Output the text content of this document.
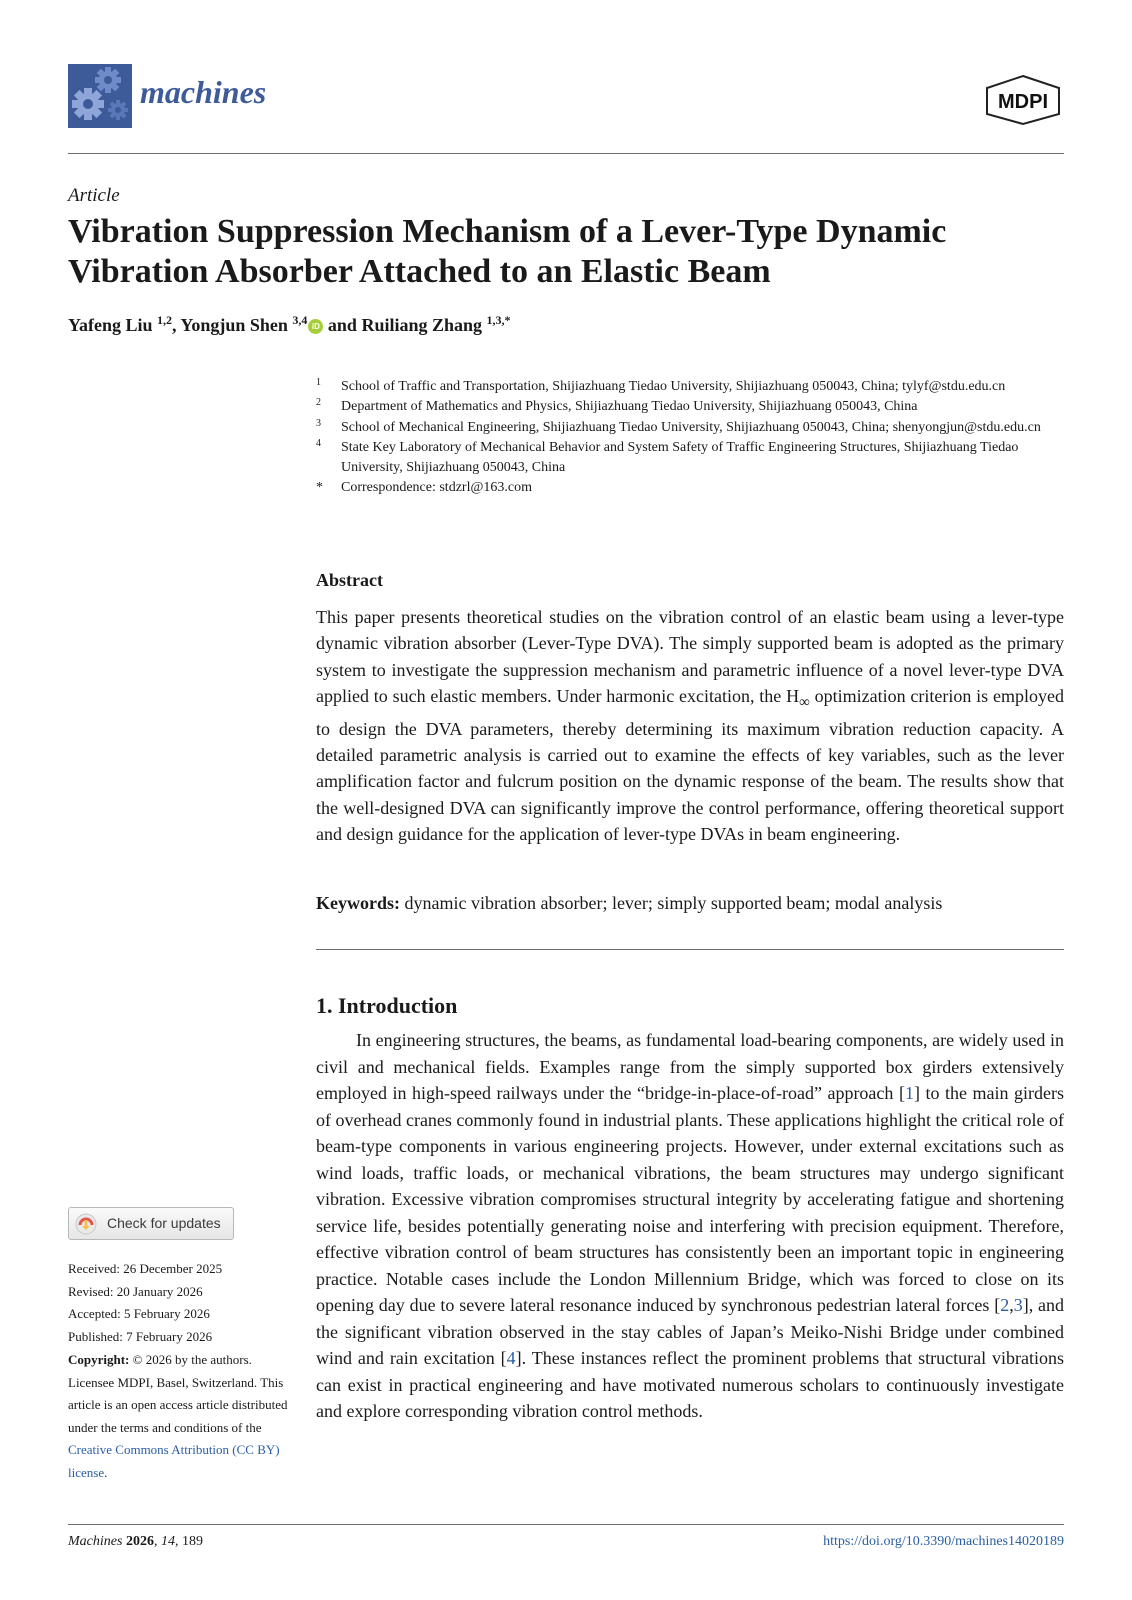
machines	MDPI
Article
Vibration Suppression Mechanism of a Lever-Type Dynamic Vibration Absorber Attached to an Elastic Beam
Yafeng Liu $^{1,2}$, Yongjun Shen $^{3,4}$ iD and Ruiliang Zhang $^{1,3,*}$
1 School of Traffic and Transportation, Shijiazhuang Tiedao University, Shijiazhuang 050043, China; tylyf@stdu.edu.cn
2 Department of Mathematics and Physics, Shijiazhuang Tiedao University, Shijiazhuang 050043, China
3 School of Mechanical Engineering, Shijiazhuang Tiedao University, Shijiazhuang 050043, China; shenyongjun@stdu.edu.cn
4 State Key Laboratory of Mechanical Behavior and System Safety of Traffic Engineering Structures, Shijiazhuang Tiedao University, Shijiazhuang 050043, China
* Correspondence: stdzrl@163.com
Abstract

This paper presents theoretical studies on the vibration control of an elastic beam using a lever-type dynamic vibration absorber (Lever-Type DVA). The simply supported beam is adopted as the primary system to investigate the suppression mechanism and parametric influence of a novel lever-type DVA applied to such elastic members. Under harmonic excitation, the $H_\infty$ optimization criterion is employed to design the DVA parameters, thereby determining its maximum vibration reduction capacity. A detailed parametric analysis is carried out to examine the effects of key variables, such as the lever amplification factor and fulcrum position on the dynamic response of the beam. The results show that the well-designed DVA can significantly improve the control performance, offering theoretical support and design guidance for the application of lever-type DVAs in beam engineering.

Keywords: dynamic vibration absorber; lever; simply supported beam; modal analysis
1. Introduction

In engineering structures, the beams, as fundamental load-bearing components, are widely used in civil and mechanical fields. Examples range from the simply supported box girders extensively employed in high-speed railways under the “bridge-in-place-of-road” approach [1] to the main girders of overhead cranes commonly found in industrial plants. These applications highlight the critical role of beam-type components in various engineering projects. However, under external excitations such as wind loads, traffic loads, or mechanical vibrations, the beam structures may undergo significant vibration. Excessive vibration compromises structural integrity by accelerating fatigue and shortening service life, besides potentially generating noise and interfering with precision equipment. Therefore, effective vibration control of beam structures has consistently been an important topic in engineering practice. Notable cases include the London Millennium Bridge, which was forced to close on its opening day due to severe lateral resonance induced by synchronous pedestrian lateral forces [2,3], and the significant vibration observed in the stay cables of Japan’s Meiko-Nishi Bridge under combined wind and rain excitation [4]. These instances reflect the prominent problems that structural vibrations can exist in practical engineering and have motivated numerous scholars to continuously investigate and explore corresponding vibration control methods.

Check for updates
Received: 26 December 2025
Revised: 20 January 2026
Accepted: 5 February 2026
Published: 7 February 2026
Copyright: © 2026 by the authors. Licensee MDPI, Basel, Switzerland. This article is an open access article distributed under the terms and conditions of the Creative Commons Attribution (CC BY) license.
Machines 2026, 14, 189	https://doi.org/10.3390/machines14020189
